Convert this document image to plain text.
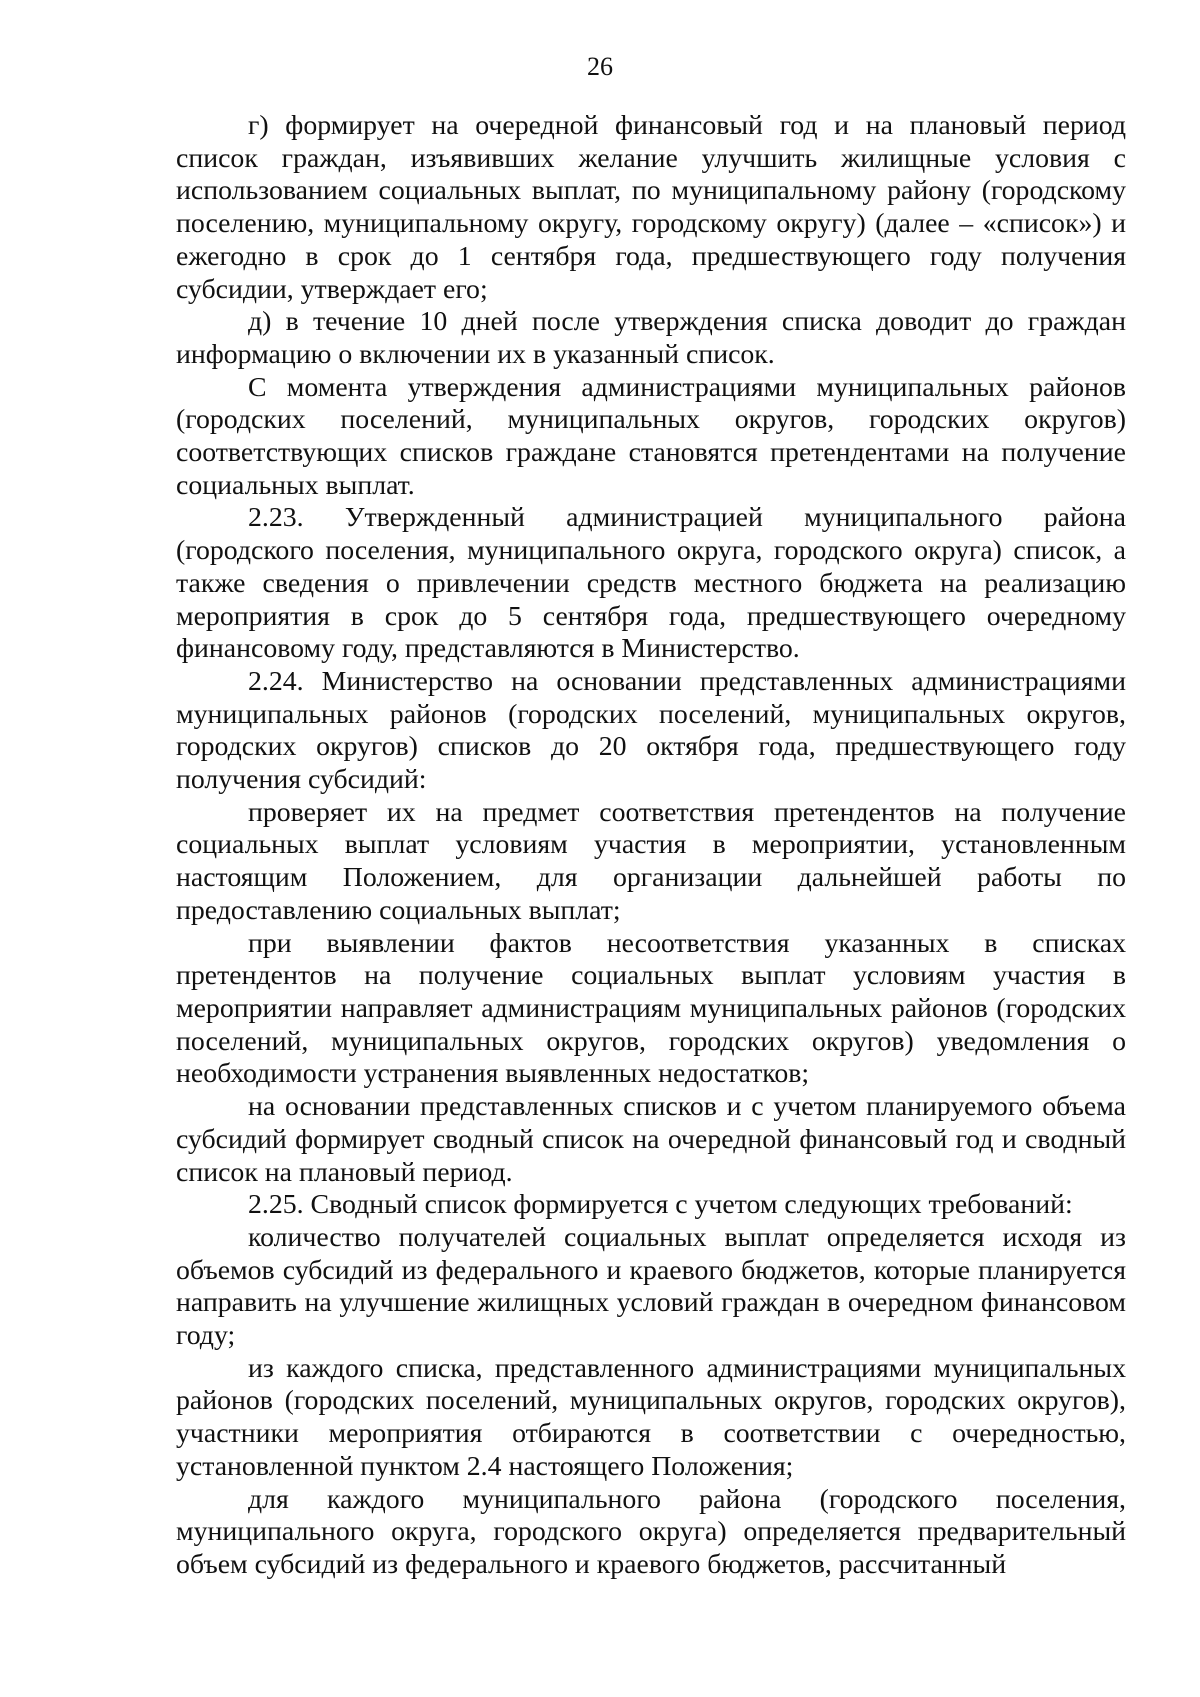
26

г) формирует на очередной финансовый год и на плановый период список граждан, изъявивших желание улучшить жилищные условия с использованием социальных выплат, по муниципальному району (городскому поселению, муниципальному округу, городскому округу) (далее – «список») и ежегодно в срок до 1 сентября года, предшествующего году получения субсидии, утверждает его;

д) в течение 10 дней после утверждения списка доводит до граждан информацию о включении их в указанный список.

С момента утверждения администрациями муниципальных районов (городских поселений, муниципальных округов, городских округов) соответствующих списков граждане становятся претендентами на получение социальных выплат.

2.23. Утвержденный администрацией муниципального района (городского поселения, муниципального округа, городского округа) список, а также сведения о привлечении средств местного бюджета на реализацию мероприятия в срок до 5 сентября года, предшествующего очередному финансовому году, представляются в Министерство.

2.24. Министерство на основании представленных администрациями муниципальных районов (городских поселений, муниципальных округов, городских округов) списков до 20 октября года, предшествующего году получения субсидий:

проверяет их на предмет соответствия претендентов на получение социальных выплат условиям участия в мероприятии, установленным настоящим Положением, для организации дальнейшей работы по предоставлению социальных выплат;

при выявлении фактов несоответствия указанных в списках претендентов на получение социальных выплат условиям участия в мероприятии направляет администрациям муниципальных районов (городских поселений, муниципальных округов, городских округов) уведомления о необходимости устранения выявленных недостатков;

на основании представленных списков и с учетом планируемого объема субсидий формирует сводный список на очередной финансовый год и сводный список на плановый период.

2.25. Сводный список формируется с учетом следующих требований:

количество получателей социальных выплат определяется исходя из объемов субсидий из федерального и краевого бюджетов, которые планируется направить на улучшение жилищных условий граждан в очередном финансовом году;

из каждого списка, представленного администрациями муниципальных районов (городских поселений, муниципальных округов, городских округов), участники мероприятия отбираются в соответствии с очередностью, установленной пунктом 2.4 настоящего Положения;

для каждого муниципального района (городского поселения, муниципального округа, городского округа) определяется предварительный объем субсидий из федерального и краевого бюджетов, рассчитанный
